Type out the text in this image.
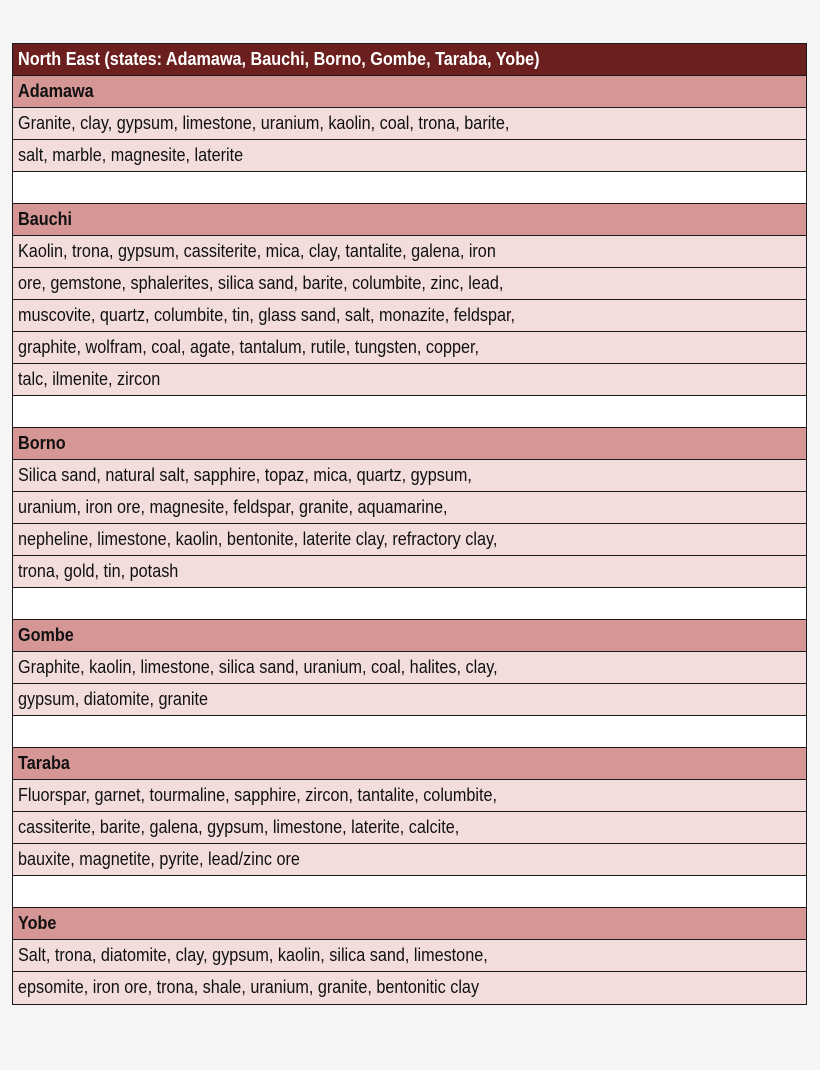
North East (states: Adamawa, Bauchi, Borno, Gombe, Taraba, Yobe)
Adamawa
Granite, clay, gypsum, limestone, uranium, kaolin, coal, trona, barite,
salt, marble, magnesite, laterite
Bauchi
Kaolin, trona, gypsum, cassiterite, mica, clay, tantalite, galena, iron
ore, gemstone, sphalerites, silica sand, barite, columbite, zinc, lead,
muscovite, quartz, columbite, tin, glass sand, salt, monazite, feldspar,
graphite, wolfram, coal, agate, tantalum, rutile, tungsten, copper,
talc, ilmenite, zircon
Borno
Silica sand, natural salt, sapphire, topaz, mica, quartz, gypsum,
uranium, iron ore, magnesite, feldspar, granite, aquamarine,
nepheline, limestone, kaolin, bentonite, laterite clay, refractory clay,
trona, gold, tin, potash
Gombe
Graphite, kaolin, limestone, silica sand, uranium, coal, halites, clay,
gypsum, diatomite, granite
Taraba
Fluorspar, garnet, tourmaline, sapphire, zircon, tantalite, columbite,
cassiterite, barite, galena, gypsum, limestone, laterite, calcite,
bauxite, magnetite, pyrite, lead/zinc ore
Yobe
Salt, trona, diatomite, clay, gypsum, kaolin, silica sand, limestone,
epsomite, iron ore, trona, shale, uranium, granite, bentonitic clay
